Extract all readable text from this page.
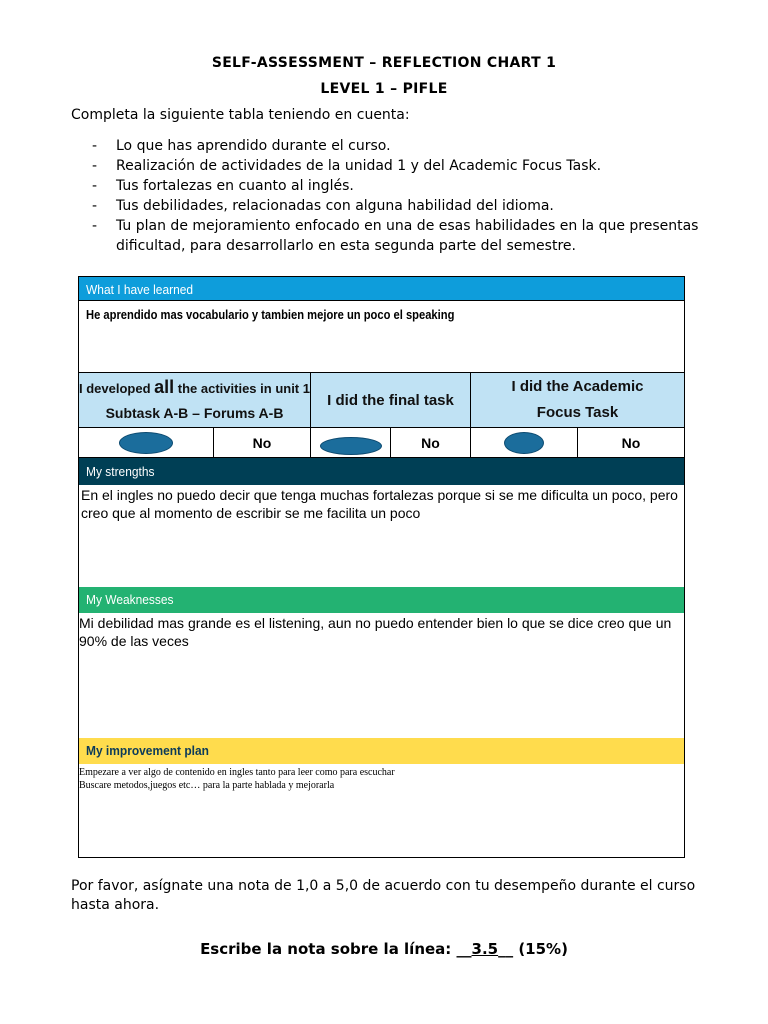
SELF-ASSESSMENT – REFLECTION CHART 1
LEVEL 1 – PIFLE
Completa la siguiente tabla teniendo en cuenta:
- Lo que has aprendido durante el curso.
- Realización de actividades de la unidad 1 y del Academic Focus Task.
- Tus fortalezas en cuanto al inglés.
- Tus debilidades, relacionadas con alguna habilidad del idioma.
- Tu plan de mejoramiento enfocado en una de esas habilidades en la que presentas dificultad, para desarrollarlo en esta segunda parte del semestre.
What I have learned
He aprendido mas vocabulario y tambien mejore un poco el speaking
I developed all the activities in unit 1
Subtask A-B – Forums A-B
I did the final task
I did the Academic
Focus Task
No	No	No
My strengths
En el ingles no puedo decir que tenga muchas fortalezas porque si se me dificulta un poco, pero creo que al momento de escribir se me facilita un poco
My Weaknesses
Mi debilidad mas grande es el listening, aun no puedo entender bien lo que se dice creo que un 90% de las veces
My improvement plan
Empezare a ver algo de contenido en ingles tanto para leer como para escuchar
Buscare metodos,juegos etc… para la parte hablada y mejorarla
Por favor, asígnate una nota de 1,0 a 5,0 de acuerdo con tu desempeño durante el curso hasta ahora.
Escribe la nota sobre la línea: __3.5__ (15%)
